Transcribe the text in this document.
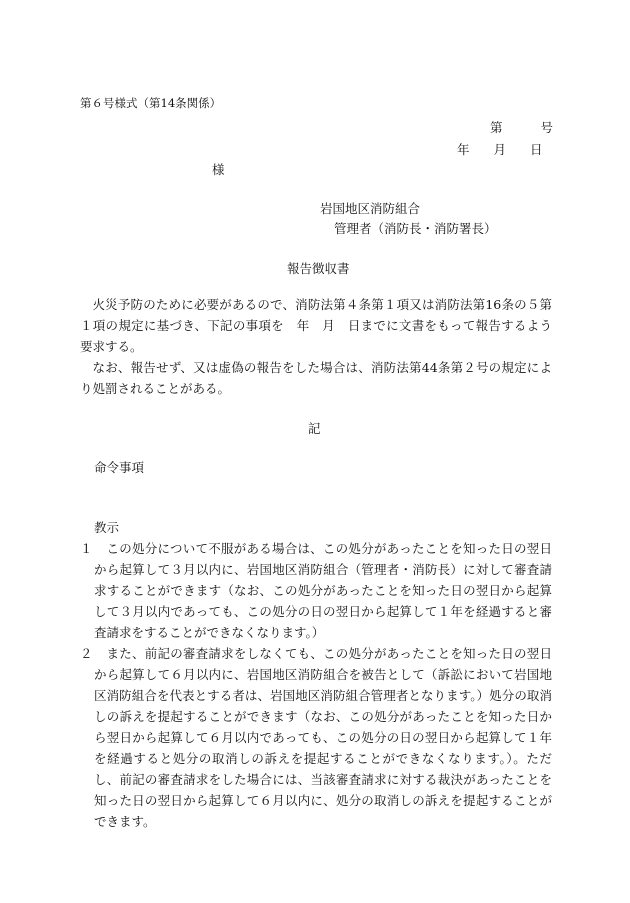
第６号様式（第14条関係）
第	号
年 月 日
様
岩国地区消防組合
管理者（消防長・消防署長）
報告徴収書

火災予防のために必要があるので、消防法第４条第１項又は消防法第16条の５第１項の規定に基づき、下記の事項を　年　月　日までに文書をもって報告するよう要求する。

なお、報告せず、又は虚偽の報告をした場合は、消防法第44条第２号の規定により処罰されることがある。

記
命令事項
教示
１	この処分について不服がある場合は、この処分があったことを知った日の翌日から起算して３月以内に、岩国地区消防組合（管理者・消防長）に対して審査請求することができます（なお、この処分があったことを知った日の翌日から起算して３月以内であっても、この処分の日の翌日から起算して１年を経過すると審査請求をすることができなくなります。）
２	また、前記の審査請求をしなくても、この処分があったことを知った日の翌日から起算して６月以内に、岩国地区消防組合を被告として（訴訟において岩国地区消防組合を代表とする者は、岩国地区消防組合管理者となります。）処分の取消しの訴えを提起することができます（なお、この処分があったことを知った日から翌日から起算して６月以内であっても、この処分の日の翌日から起算して１年を経過すると処分の取消しの訴えを提起することができなくなります。）。ただし、前記の審査請求をした場合には、当該審査請求に対する裁決があったことを知った日の翌日から起算して６月以内に、処分の取消しの訴えを提起することができます。
